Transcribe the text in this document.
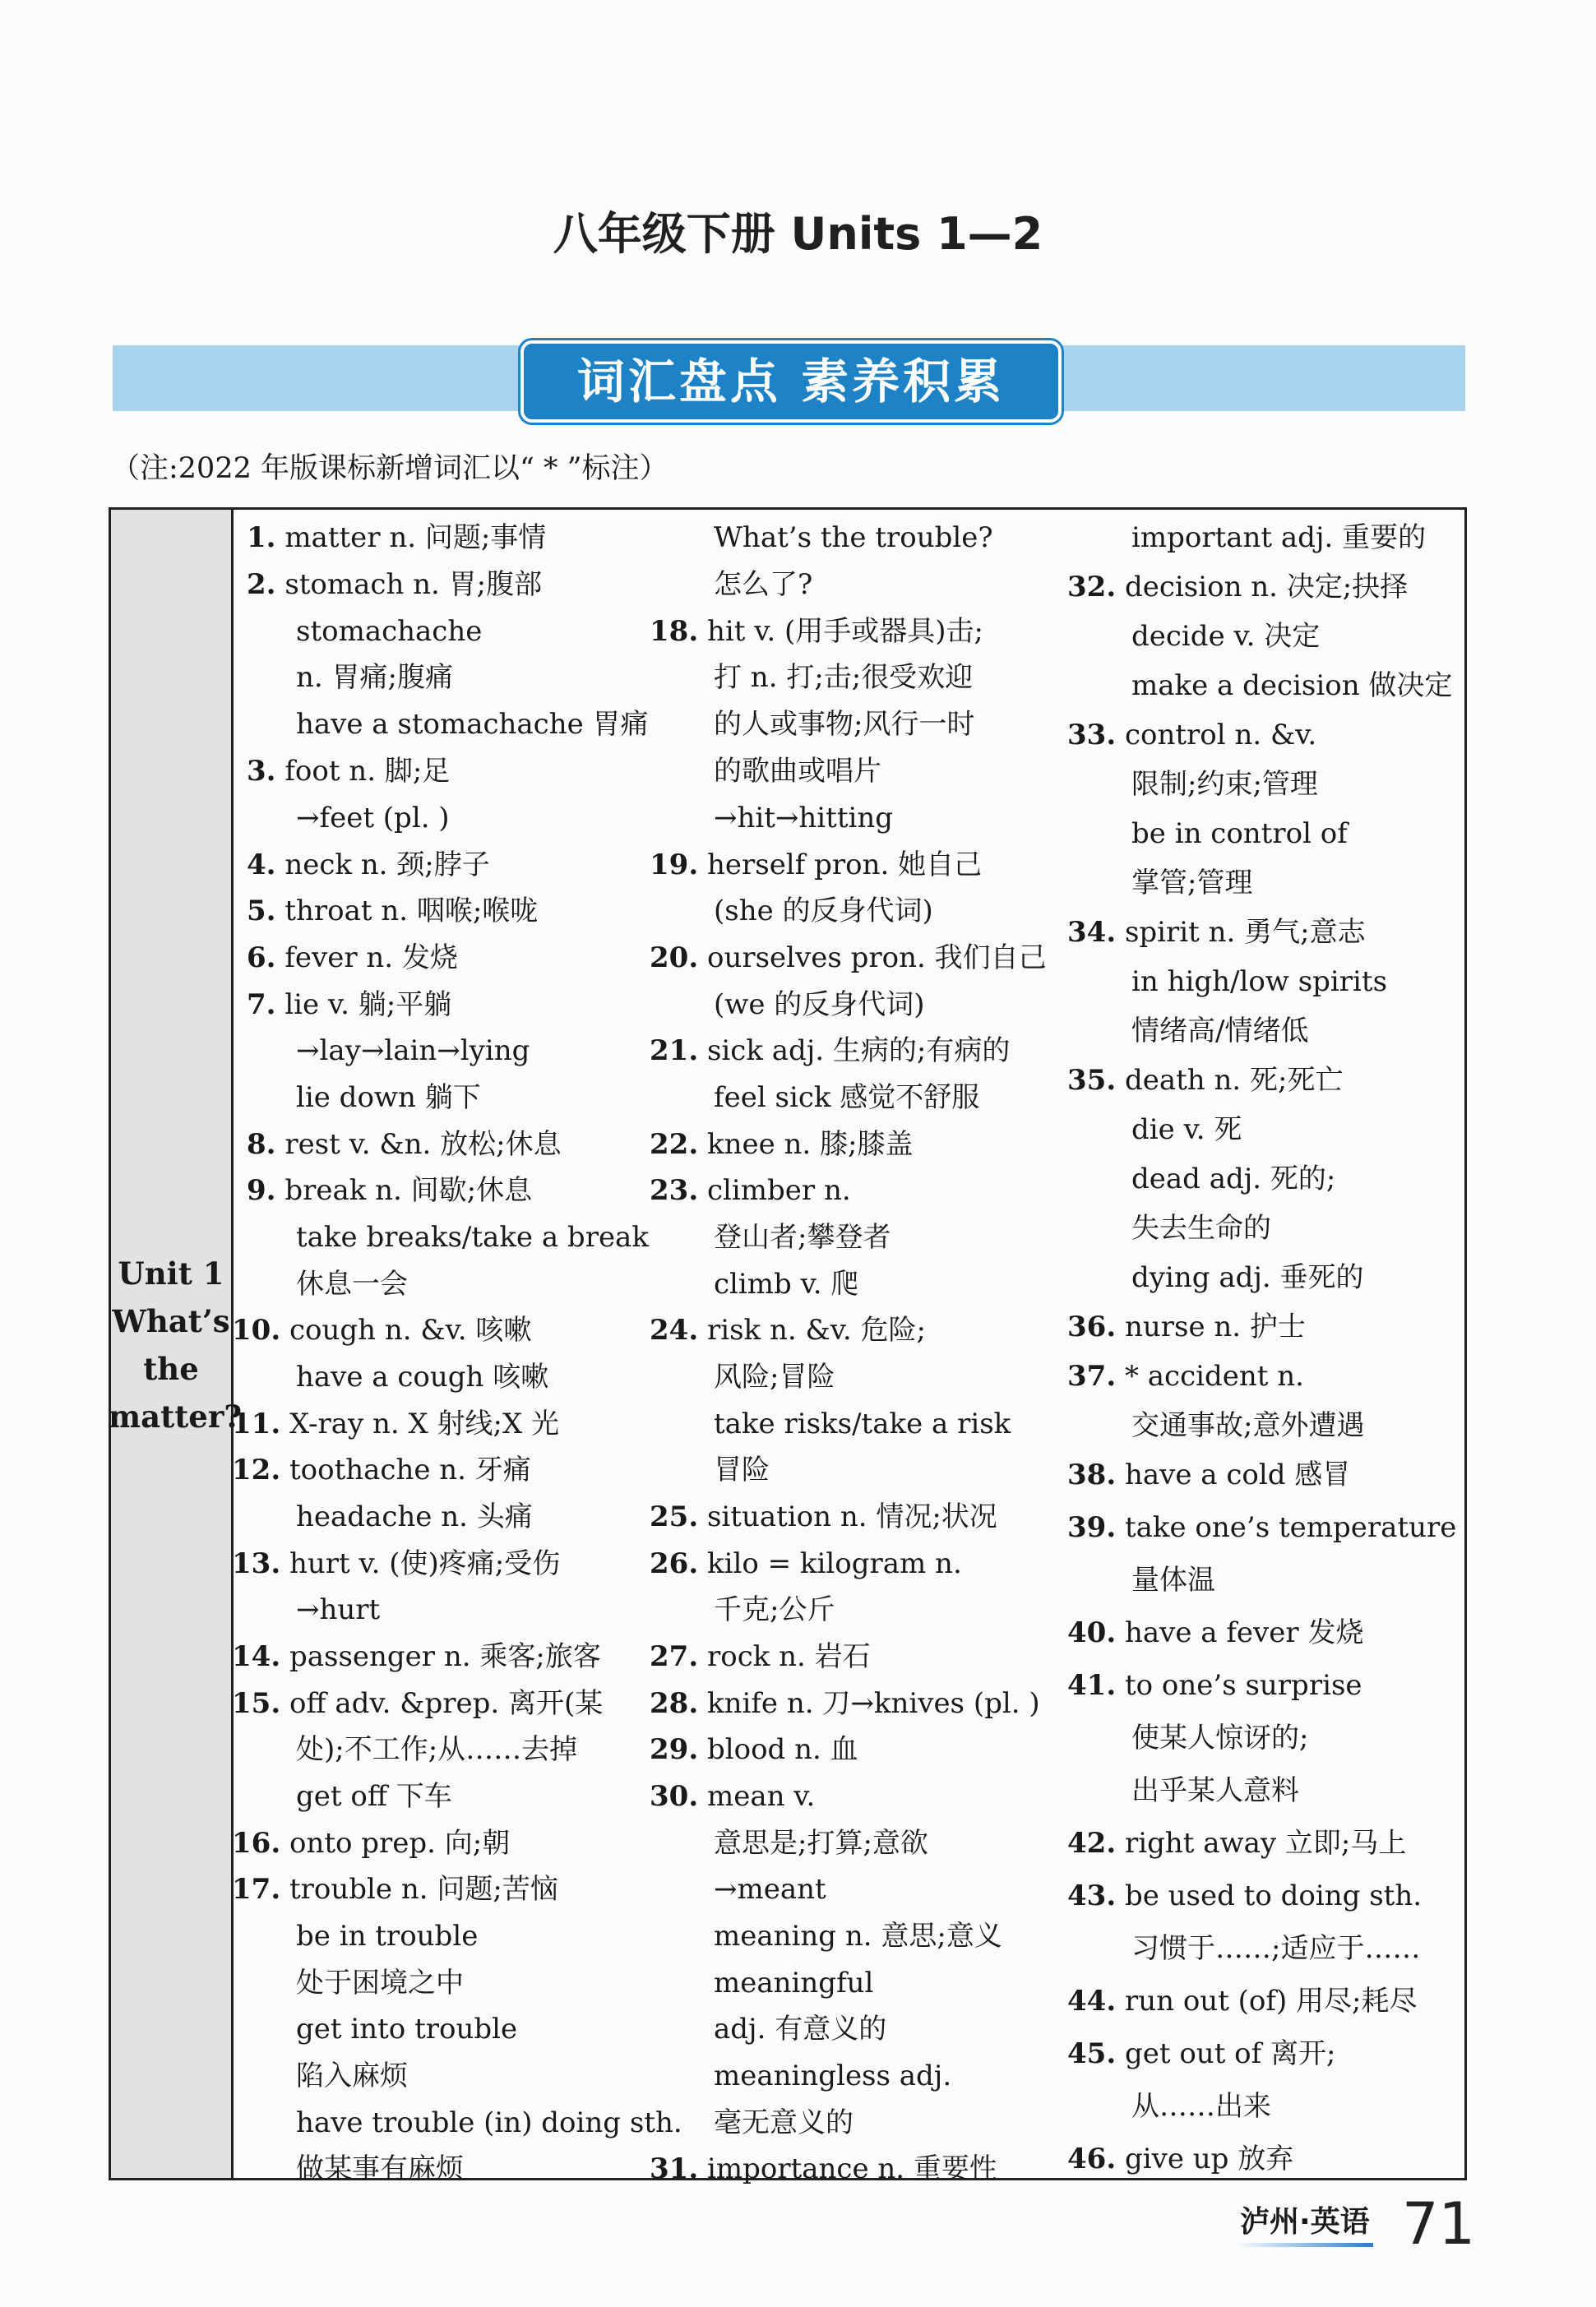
八年级下册 Units 1—2
词汇盘点 素养积累
（注:2022 年版课标新增词汇以“ * ”标注）
Unit 1
What’s
the
matter?
1. matter n. 问题;事情
2. stomach n. 胃;腹部
stomachache
n. 胃痛;腹痛
have a stomachache 胃痛
3. foot n. 脚;足
→feet (pl. )
4. neck n. 颈;脖子
5. throat n. 咽喉;喉咙
6. fever n. 发烧
7. lie v. 躺;平躺
→lay→lain→lying
lie down 躺下
8. rest v. &n. 放松;休息
9. break n. 间歇;休息
take breaks/take a break
休息一会
10. cough n. &v. 咳嗽
have a cough 咳嗽
11. X-ray n. X 射线;X 光
12. toothache n. 牙痛
headache n. 头痛
13. hurt v. (使)疼痛;受伤
→hurt
14. passenger n. 乘客;旅客
15. off adv. &prep. 离开(某
处);不工作;从……去掉
get off 下车
16. onto prep. 向;朝
17. trouble n. 问题;苦恼
be in trouble
处于困境之中
get into trouble
陷入麻烦
have trouble (in) doing sth.
做某事有麻烦
What’s the trouble?
怎么了?
18. hit v. (用手或器具)击;
打 n. 打;击;很受欢迎
的人或事物;风行一时
的歌曲或唱片
→hit→hitting
19. herself pron. 她自己
(she 的反身代词)
20. ourselves pron. 我们自己
(we 的反身代词)
21. sick adj. 生病的;有病的
feel sick 感觉不舒服
22. knee n. 膝;膝盖
23. climber n.
登山者;攀登者
climb v. 爬
24. risk n. &v. 危险;
风险;冒险
take risks/take a risk
冒险
25. situation n. 情况;状况
26. kilo = kilogram n.
千克;公斤
27. rock n. 岩石
28. knife n. 刀→knives (pl. )
29. blood n. 血
30. mean v.
意思是;打算;意欲
→meant
meaning n. 意思;意义
meaningful
adj. 有意义的
meaningless adj.
毫无意义的
31. importance n. 重要性
important adj. 重要的
32. decision n. 决定;抉择
decide v. 决定
make a decision 做决定
33. control n. &v.
限制;约束;管理
be in control of
掌管;管理
34. spirit n. 勇气;意志
in high/low spirits
情绪高/情绪低
35. death n. 死;死亡
die v. 死
dead adj. 死的;
失去生命的
dying adj. 垂死的
36. nurse n. 护士
37. * accident n.
交通事故;意外遭遇
38. have a cold 感冒
39. take one’s temperature
量体温
40. have a fever 发烧
41. to one’s surprise
使某人惊讶的;
出乎某人意料
42. right away 立即;马上
43. be used to doing sth.
习惯于……;适应于……
44. run out (of) 用尽;耗尽
45. get out of 离开;
从……出来
46. give up 放弃
泸州·英语 71
